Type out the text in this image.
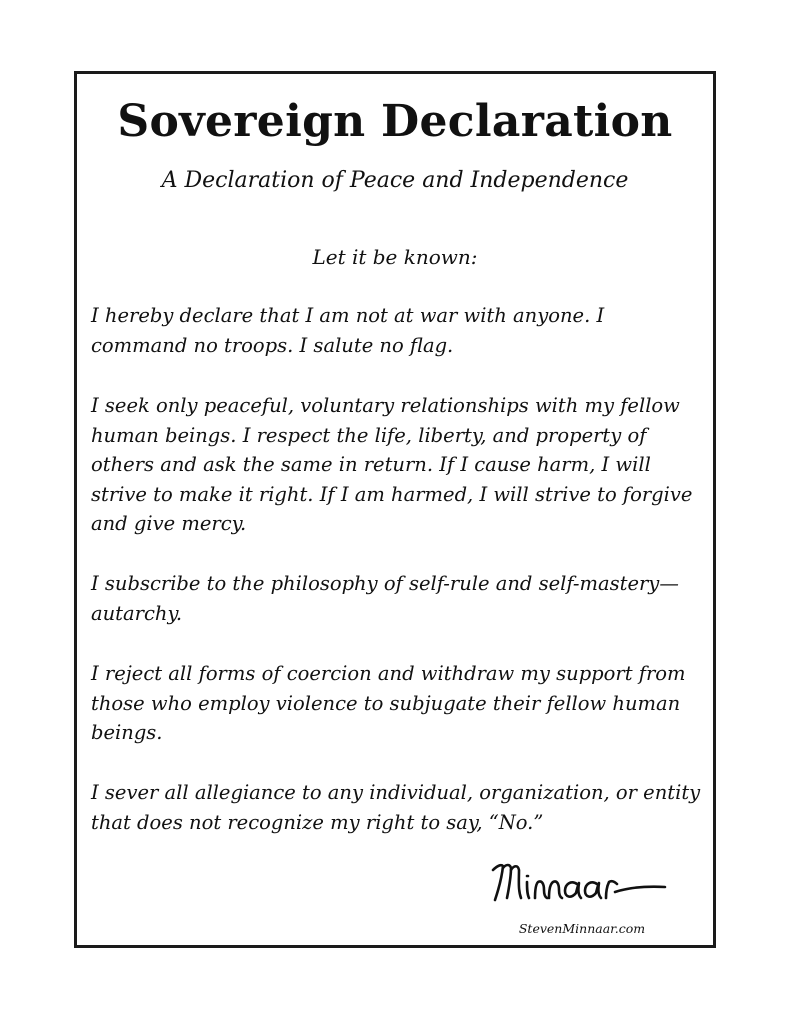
Sovereign Declaration

A Declaration of Peace and Independence

Let it be known:

I hereby declare that I am not at war with anyone. I command no troops. I salute no flag.

I seek only peaceful, voluntary relationships with my fellow human beings. I respect the life, liberty, and property of others and ask the same in return. If I cause harm, I will strive to make it right. If I am harmed, I will strive to forgive and give mercy.

I subscribe to the philosophy of self-rule and self-mastery—autarchy.

I reject all forms of coercion and withdraw my support from those who employ violence to subjugate their fellow human beings.

I sever all allegiance to any individual, organization, or entity that does not recognize my right to say, “No.”

StevenMinnaar.com
